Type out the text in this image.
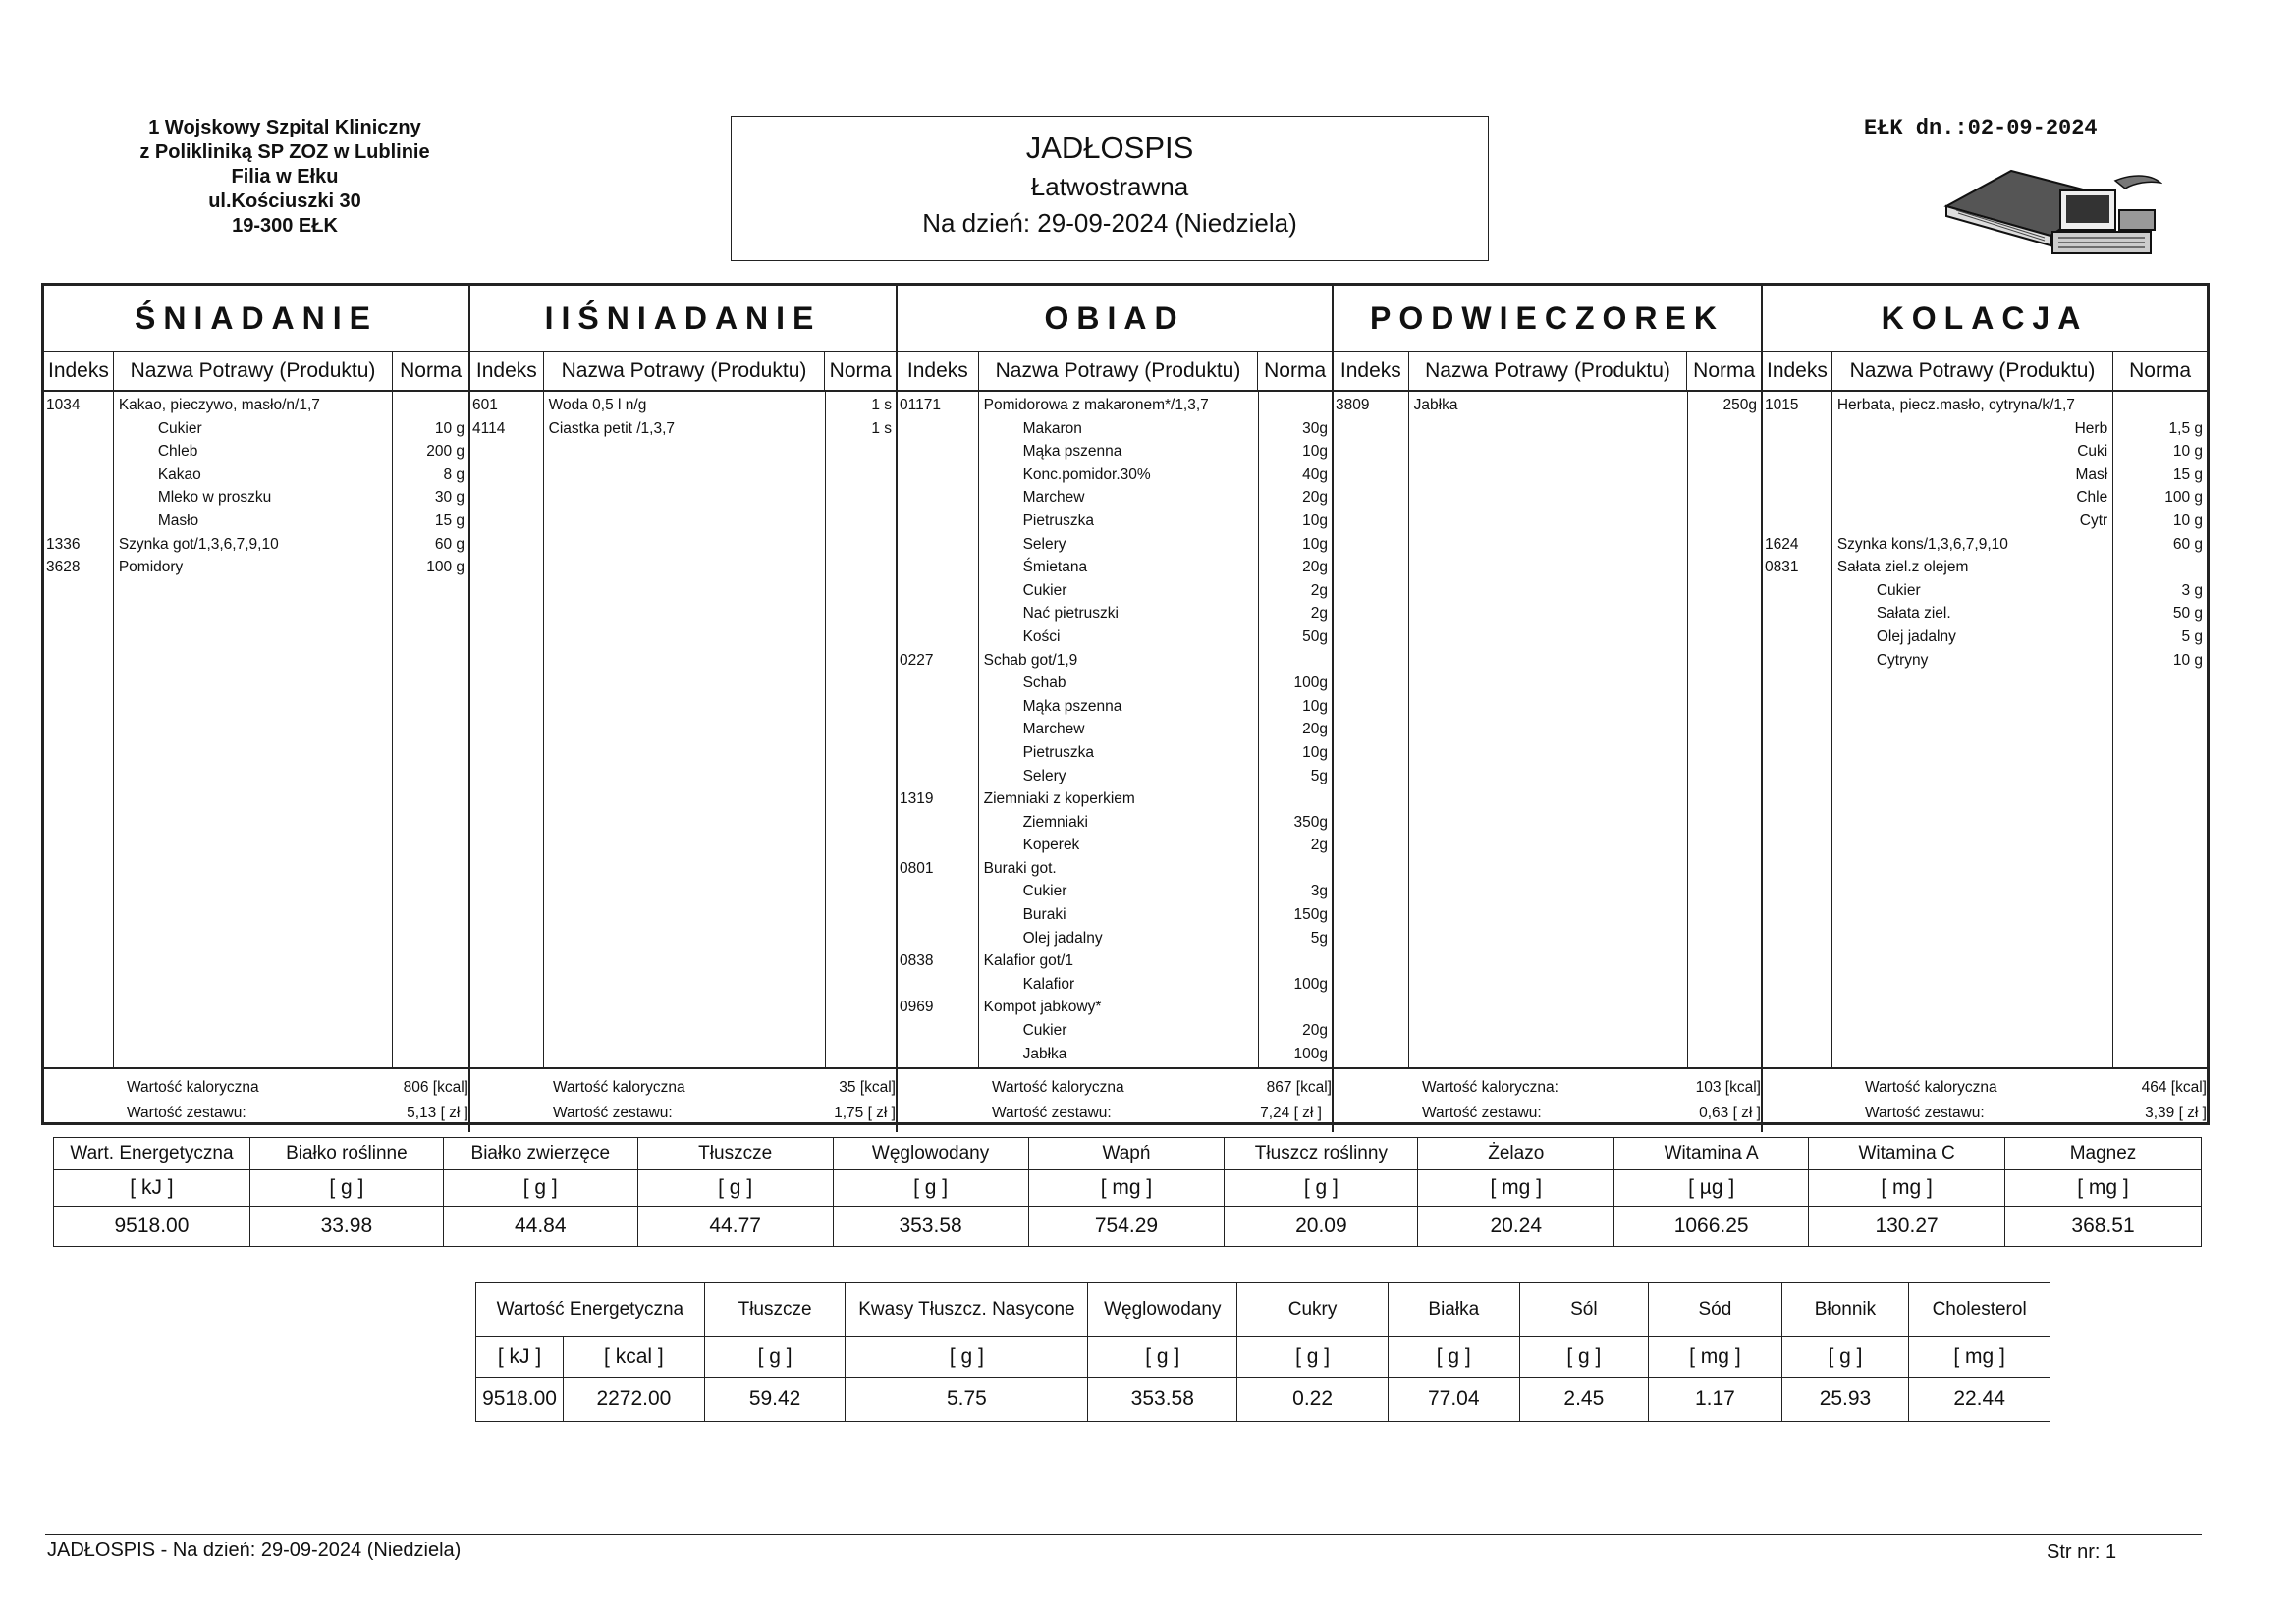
1 Wojskowy Szpital Kliniczny
z Polikliniką SP ZOZ w Lublinie
Filia w Ełku
ul.Kościuszki 30
19-300 EŁK
JADŁOSPIS
Łatwostrawna
Na dzień: 29-09-2024 (Niedziela)
EŁK dn.:02-09-2024
ŚNIADANIE
Indeks	Nazwa Potrawy (Produktu)	Norma
1034	Kakao, pieczywo, masło/n/1,7
Cukier	10 g
Chleb	200 g
Kakao	8 g
Mleko w proszku	30 g
Masło	15 g
1336	Szynka got/1,3,6,7,9,10	60 g
3628	Pomidory	100 g
Wartość kaloryczna	806 [kcal]
Wartość zestawu:	5,13 [ zł ]

IIŚNIADANIE
Indeks	Nazwa Potrawy (Produktu)	Norma
601	Woda 0,5 l n/g	1 s
4114	Ciastka petit /1,3,7	1 s
Wartość kaloryczna	35 [kcal]
Wartość zestawu:	1,75 [ zł ]

OBIAD
Indeks	Nazwa Potrawy (Produktu)	Norma
01171	Pomidorowa z makaronem*/1,3,7
Makaron	30g
Mąka pszenna	10g
Konc.pomidor.30%	40g
Marchew	20g
Pietruszka	10g
Selery	10g
Śmietana	20g
Cukier	2g
Nać pietruszki	2g
Kości	50g
0227	Schab got/1,9
Schab	100g
Mąka pszenna	10g
Marchew	20g
Pietruszka	10g
Selery	5g
1319	Ziemniaki z koperkiem
Ziemniaki	350g
Koperek	2g
0801	Buraki got.
Cukier	3g
Buraki	150g
Olej jadalny	5g
0838	Kalafior got/1
Kalafior	100g
0969	Kompot jabkowy*
Cukier	20g
Jabłka	100g
Wartość kaloryczna	867 [kcal]
Wartość zestawu:	7,24 [ zł ]

PODWIECZOREK
Indeks	Nazwa Potrawy (Produktu)	Norma
3809	Jabłka	250g
Wartość kaloryczna:	103 [kcal]
Wartość zestawu:	0,63 [ zł ]

KOLACJA
Indeks	Nazwa Potrawy (Produktu)	Norma
1015	Herbata, piecz.masło, cytryna/k/1,7
Herb	1,5 g
Cuki	10 g
Masł	15 g
Chle	100 g
Cytr	10 g
1624	Szynka kons/1,3,6,7,9,10	60 g
0831	Sałata ziel.z olejem
Cukier	3 g
Sałata ziel.	50 g
Olej jadalny	5 g
Cytryny	10 g
Wartość kaloryczna	464 [kcal]
Wartość zestawu:	3,39 [ zł ]
Wart. Energetyczna	Białko roślinne	Białko zwierzęce	Tłuszcze	Węglowodany	Wapń	Tłuszcz roślinny	Żelazo	Witamina A	Witamina C	Magnez
[ kJ ]	[ g ]	[ g ]	[ g ]	[ g ]	[ mg ]	[ g ]	[ mg ]	[ µg ]	[ mg ]	[ mg ]
9518.00	33.98	44.84	44.77	353.58	754.29	20.09	20.24	1066.25	130.27	368.51
Wartość Energetyczna		Tłuszcze	Kwasy Tłuszcz. Nasycone	Węglowodany	Cukry	Białka	Sól	Sód	Błonnik	Cholesterol
[ kJ ]	[ kcal ]	[ g ]	[ g ]	[ g ]	[ g ]	[ g ]	[ g ]	[ mg ]	[ g ]	[ mg ]
9518.00	2272.00	59.42	5.75	353.58	0.22	77.04	2.45	1.17	25.93	22.44
JADŁOSPIS - Na dzień: 29-09-2024 (Niedziela)	Str nr: 1
